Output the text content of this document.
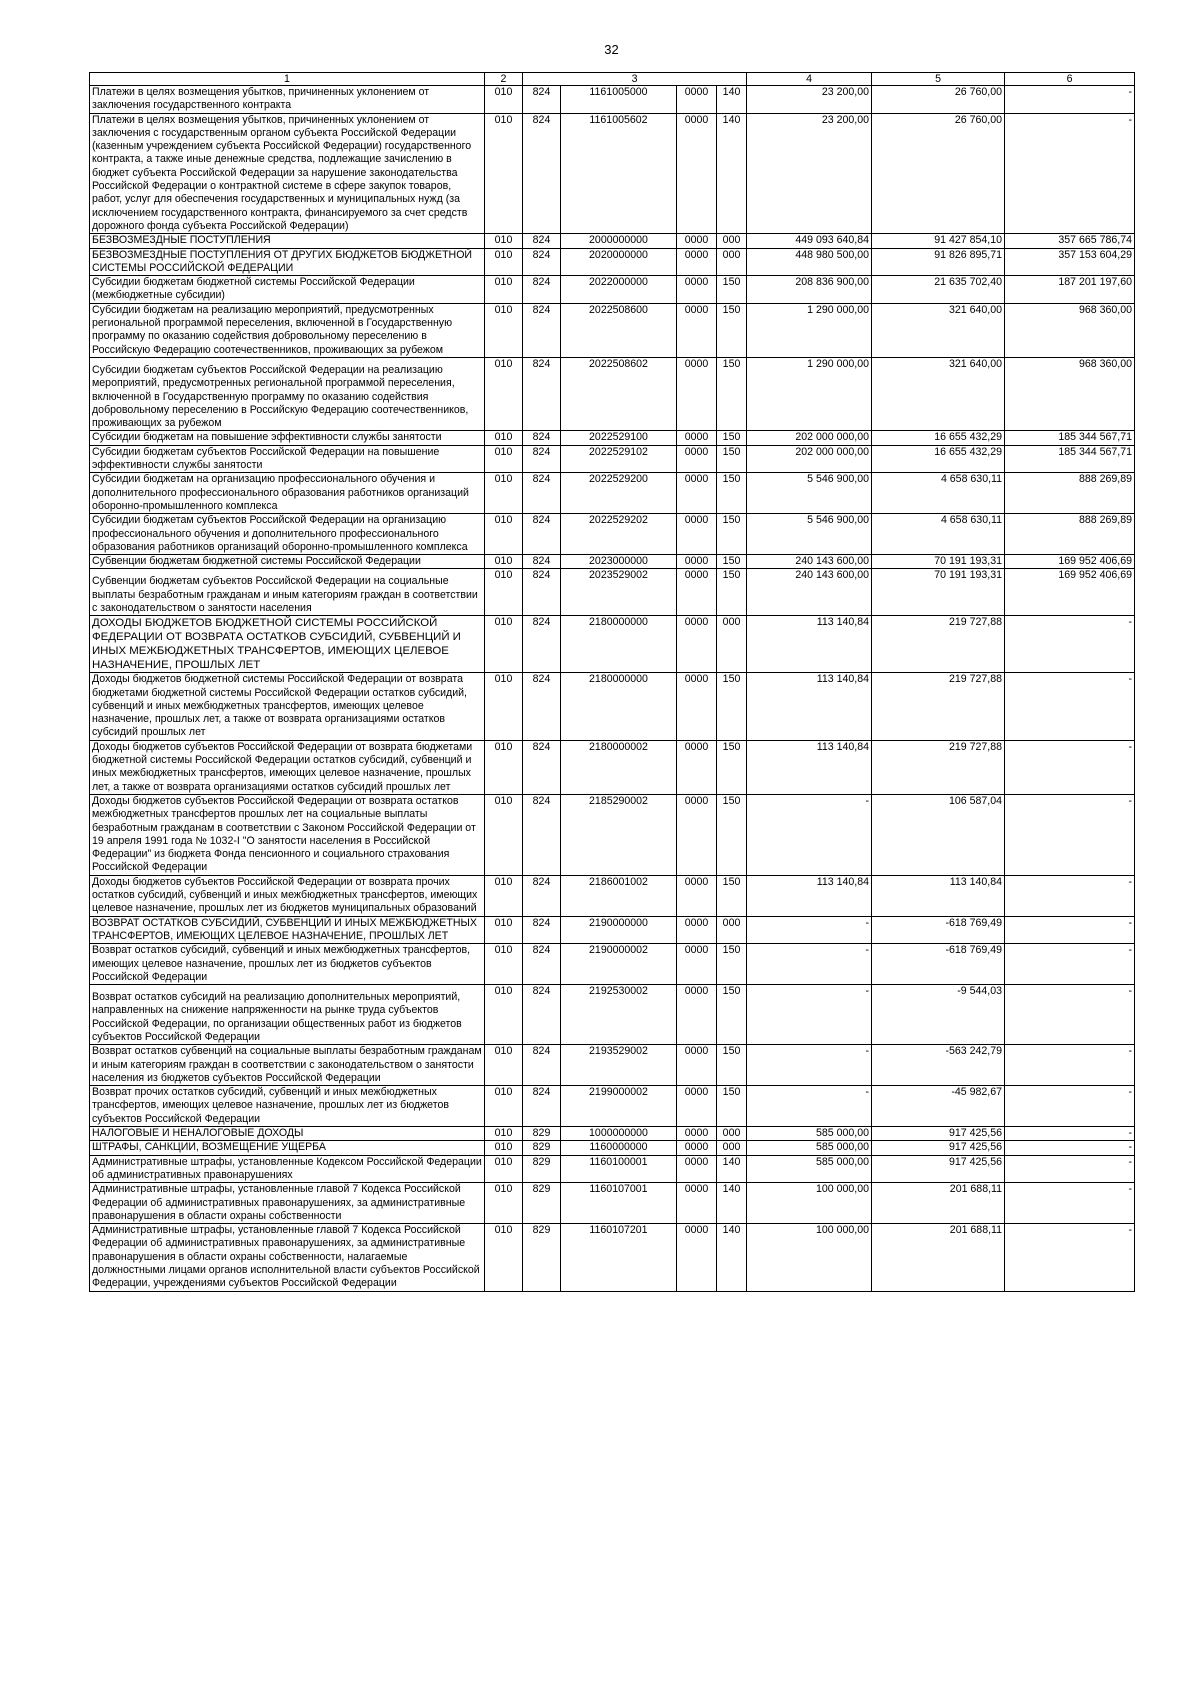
32
1	2	3				4	5	6
Платежи в целях возмещения убытков, причиненных уклонением от заключения государственного контракта	010	824	1161005000	0000	140	23 200,00	26 760,00	-
Платежи в целях возмещения убытков, причиненных уклонением от заключения с государственным органом субъекта Российской Федерации (казенным учреждением субъекта Российской Федерации) государственного контракта, а также иные денежные средства, подлежащие зачислению в бюджет субъекта Российской Федерации за нарушение законодательства Российской Федерации о контрактной системе в сфере закупок товаров, работ, услуг для обеспечения государственных и муниципальных нужд (за исключением государственного контракта, финансируемого за счет средств дорожного фонда субъекта Российской Федерации)	010	824	1161005602	0000	140	23 200,00	26 760,00	-
БЕЗВОЗМЕЗДНЫЕ ПОСТУПЛЕНИЯ	010	824	2000000000	0000	000	449 093 640,84	91 427 854,10	357 665 786,74
БЕЗВОЗМЕЗДНЫЕ ПОСТУПЛЕНИЯ ОТ ДРУГИХ БЮДЖЕТОВ БЮДЖЕТНОЙ СИСТЕМЫ РОССИЙСКОЙ ФЕДЕРАЦИИ	010	824	2020000000	0000	000	448 980 500,00	91 826 895,71	357 153 604,29
Субсидии бюджетам бюджетной системы Российской Федерации (межбюджетные субсидии)	010	824	2022000000	0000	150	208 836 900,00	21 635 702,40	187 201 197,60
Субсидии бюджетам на реализацию мероприятий, предусмотренных региональной программой переселения, включенной в Государственную программу по оказанию содействия добровольному переселению в Российскую Федерацию соотечественников, проживающих за рубежом	010	824	2022508600	0000	150	1 290 000,00	321 640,00	968 360,00
Субсидии бюджетам субъектов Российской Федерации на реализацию мероприятий, предусмотренных региональной программой переселения, включенной в Государственную программу по оказанию содействия добровольному переселению в Российскую Федерацию соотечественников, проживающих за рубежом	010	824	2022508602	0000	150	1 290 000,00	321 640,00	968 360,00
Субсидии бюджетам на повышение эффективности службы занятости	010	824	2022529100	0000	150	202 000 000,00	16 655 432,29	185 344 567,71
Субсидии бюджетам субъектов Российской Федерации на повышение эффективности службы занятости	010	824	2022529102	0000	150	202 000 000,00	16 655 432,29	185 344 567,71
Субсидии бюджетам на организацию профессионального обучения и дополнительного профессионального образования работников организаций оборонно-промышленного комплекса	010	824	2022529200	0000	150	5 546 900,00	4 658 630,11	888 269,89
Субсидии бюджетам субъектов Российской Федерации на организацию профессионального обучения и дополнительного профессионального образования работников организаций оборонно-промышленного комплекса	010	824	2022529202	0000	150	5 546 900,00	4 658 630,11	888 269,89
Субвенции бюджетам бюджетной системы Российской Федерации	010	824	2023000000	0000	150	240 143 600,00	70 191 193,31	169 952 406,69
Субвенции бюджетам субъектов Российской Федерации на социальные выплаты безработным гражданам и иным категориям граждан в соответствии с законодательством о занятости населения	010	824	2023529002	0000	150	240 143 600,00	70 191 193,31	169 952 406,69
ДОХОДЫ БЮДЖЕТОВ БЮДЖЕТНОЙ СИСТЕМЫ РОССИЙСКОЙ ФЕДЕРАЦИИ ОТ ВОЗВРАТА ОСТАТКОВ СУБСИДИЙ, СУБВЕНЦИЙ И ИНЫХ МЕЖБЮДЖЕТНЫХ ТРАНСФЕРТОВ, ИМЕЮЩИХ ЦЕЛЕВОЕ НАЗНАЧЕНИЕ, ПРОШЛЫХ ЛЕТ	010	824	2180000000	0000	000	113 140,84	219 727,88	-
Доходы бюджетов бюджетной системы Российской Федерации от возврата бюджетами бюджетной системы Российской Федерации остатков субсидий, субвенций и иных межбюджетных трансфертов, имеющих целевое назначение, прошлых лет, а также от возврата организациями остатков субсидий прошлых лет	010	824	2180000000	0000	150	113 140,84	219 727,88	-
Доходы бюджетов субъектов Российской Федерации от возврата бюджетами бюджетной системы Российской Федерации остатков субсидий, субвенций и иных межбюджетных трансфертов, имеющих целевое назначение, прошлых лет, а также от возврата организациями остатков субсидий прошлых лет	010	824	2180000002	0000	150	113 140,84	219 727,88	-
Доходы бюджетов субъектов Российской Федерации от возврата остатков межбюджетных трансфертов прошлых лет на социальные выплаты безработным гражданам в соответствии с Законом Российской Федерации от 19 апреля 1991 года № 1032-I "О занятости населения в Российской Федерации" из бюджета Фонда пенсионного и социального страхования Российской Федерации	010	824	2185290002	0000	150	-	106 587,04	-
Доходы бюджетов субъектов Российской Федерации от возврата прочих остатков субсидий, субвенций и иных межбюджетных трансфертов, имеющих целевое назначение, прошлых лет из бюджетов муниципальных образований	010	824	2186001002	0000	150	113 140,84	113 140,84	-
ВОЗВРАТ ОСТАТКОВ СУБСИДИЙ, СУБВЕНЦИЙ И ИНЫХ МЕЖБЮДЖЕТНЫХ ТРАНСФЕРТОВ, ИМЕЮЩИХ ЦЕЛЕВОЕ НАЗНАЧЕНИЕ, ПРОШЛЫХ ЛЕТ	010	824	2190000000	0000	000	-	-618 769,49	-
Возврат остатков субсидий, субвенций и иных межбюджетных трансфертов, имеющих целевое назначение, прошлых лет из бюджетов субъектов Российской Федерации	010	824	2190000002	0000	150	-	-618 769,49	-
Возврат остатков субсидий на реализацию дополнительных мероприятий, направленных на снижение напряженности на рынке труда субъектов Российской Федерации, по организации общественных работ из бюджетов субъектов Российской Федерации	010	824	2192530002	0000	150	-	-9 544,03	-
Возврат остатков субвенций на социальные выплаты безработным гражданам и иным категориям граждан в соответствии с законодательством о занятости населения из бюджетов субъектов Российской Федерации	010	824	2193529002	0000	150	-	-563 242,79	-
Возврат прочих остатков субсидий, субвенций и иных межбюджетных трансфертов, имеющих целевое назначение, прошлых лет из бюджетов субъектов Российской Федерации	010	824	2199000002	0000	150	-	-45 982,67	-
НАЛОГОВЫЕ И НЕНАЛОГОВЫЕ ДОХОДЫ	010	829	1000000000	0000	000	585 000,00	917 425,56	-
ШТРАФЫ, САНКЦИИ, ВОЗМЕЩЕНИЕ УЩЕРБА	010	829	1160000000	0000	000	585 000,00	917 425,56	-
Административные штрафы, установленные Кодексом Российской Федерации об административных правонарушениях	010	829	1160100001	0000	140	585 000,00	917 425,56	-
Административные штрафы, установленные главой 7 Кодекса Российской Федерации об административных правонарушениях, за административные правонарушения в области охраны собственности	010	829	1160107001	0000	140	100 000,00	201 688,11	-
Административные штрафы, установленные главой 7 Кодекса Российской Федерации об административных правонарушениях, за административные правонарушения в области охраны собственности, налагаемые должностными лицами органов исполнительной власти субъектов Российской Федерации, учреждениями субъектов Российской Федерации	010	829	1160107201	0000	140	100 000,00	201 688,11	-
